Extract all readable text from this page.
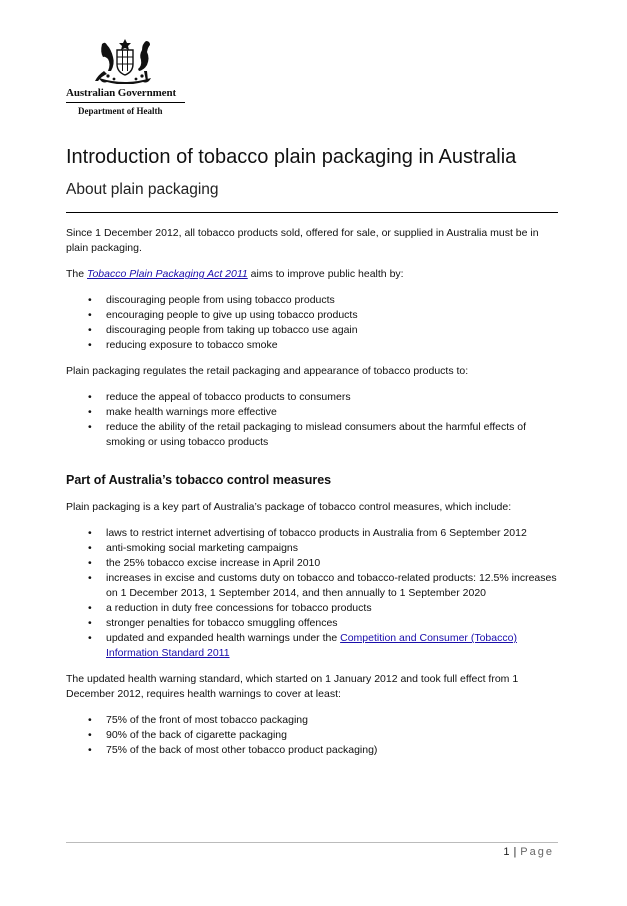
Australian Government
Department of Health
Introduction of tobacco plain packaging in Australia
About plain packaging

Since 1 December 2012, all tobacco products sold, offered for sale, or supplied in Australia must be in plain packaging.

The Tobacco Plain Packaging Act 2011 aims to improve public health by:

• discouraging people from using tobacco products
• encouraging people to give up using tobacco products
• discouraging people from taking up tobacco use again
• reducing exposure to tobacco smoke

Plain packaging regulates the retail packaging and appearance of tobacco products to:

• reduce the appeal of tobacco products to consumers
• make health warnings more effective
• reduce the ability of the retail packaging to mislead consumers about the harmful effects of smoking or using tobacco products
Part of Australia’s tobacco control measures

Plain packaging is a key part of Australia’s package of tobacco control measures, which include:

• laws to restrict internet advertising of tobacco products in Australia from 6 September 2012
• anti-smoking social marketing campaigns
• the 25% tobacco excise increase in April 2010
• increases in excise and customs duty on tobacco and tobacco-related products: 12.5% increases on 1 December 2013, 1 September 2014, and then annually to 1 September 2020
• a reduction in duty free concessions for tobacco products
• stronger penalties for tobacco smuggling offences
• updated and expanded health warnings under the Competition and Consumer (Tobacco) Information Standard 2011

The updated health warning standard, which started on 1 January 2012 and took full effect from 1 December 2012, requires health warnings to cover at least:

• 75% of the front of most tobacco packaging
• 90% of the back of cigarette packaging
• 75% of the back of most other tobacco product packaging)
1 | Page
